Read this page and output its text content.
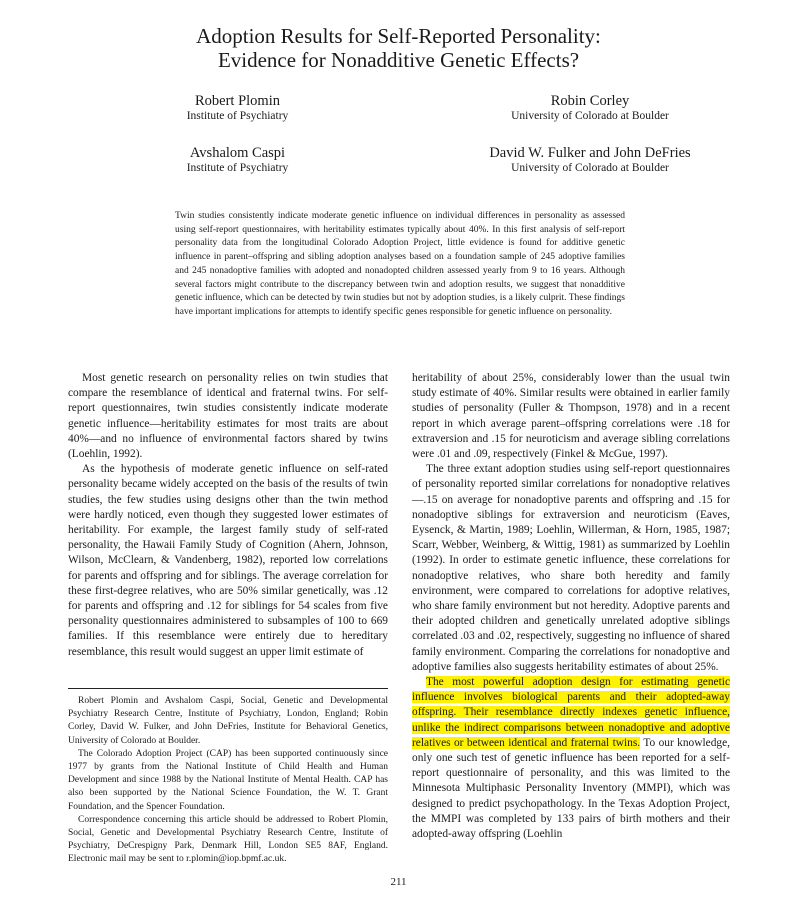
Adoption Results for Self-Reported Personality:
Evidence for Nonadditive Genetic Effects?
Robert Plomin
Institute of Psychiatry
Robin Corley
University of Colorado at Boulder
Avshalom Caspi
Institute of Psychiatry
David W. Fulker and John DeFries
University of Colorado at Boulder

Twin studies consistently indicate moderate genetic influence on individual differences in personality as assessed using self-report questionnaires, with heritability estimates typically about 40%. In this first analysis of self-report personality data from the longitudinal Colorado Adoption Project, little evidence is found for additive genetic influence in parent–offspring and sibling adoption analyses based on a foundation sample of 245 adoptive families and 245 nonadoptive families with adopted and nonadopted children assessed yearly from 9 to 16 years. Although several factors might contribute to the discrepancy between twin and adoption results, we suggest that nonadditive genetic influence, which can be detected by twin studies but not by adoption studies, is a likely culprit. These findings have important implications for attempts to identify specific genes responsible for genetic influence on personality.

Most genetic research on personality relies on twin studies that compare the resemblance of identical and fraternal twins. For self-report questionnaires, twin studies consistently indicate moderate genetic influence—heritability estimates for most traits are about 40%—and no influence of environmental factors shared by twins (Loehlin, 1992).

As the hypothesis of moderate genetic influence on self-rated personality became widely accepted on the basis of the results of twin studies, the few studies using designs other than the twin method were hardly noticed, even though they suggested lower estimates of heritability. For example, the largest family study of self-rated personality, the Hawaii Family Study of Cognition (Ahern, Johnson, Wilson, McClearn, & Vandenberg, 1982), reported low correlations for parents and offspring and for siblings. The average correlation for these first-degree relatives, who are 50% similar genetically, was .12 for parents and offspring and .12 for siblings for 54 scales from five personality questionnaires administered to subsamples of 100 to 669 families. If this resemblance were entirely due to hereditary resemblance, this result would suggest an upper limit estimate of

heritability of about 25%, considerably lower than the usual twin study estimate of 40%. Similar results were obtained in earlier family studies of personality (Fuller & Thompson, 1978) and in a recent report in which average parent–offspring correlations were .18 for extraversion and .15 for neuroticism and average sibling correlations were .01 and .09, respectively (Finkel & McGue, 1997).

The three extant adoption studies using self-report questionnaires of personality reported similar correlations for nonadoptive relatives—.15 on average for nonadoptive parents and offspring and .15 for nonadoptive siblings for extraversion and neuroticism (Eaves, Eysenck, & Martin, 1989; Loehlin, Willerman, & Horn, 1985, 1987; Scarr, Webber, Weinberg, & Wittig, 1981) as summarized by Loehlin (1992). In order to estimate genetic influence, these correlations for nonadoptive relatives, who share both heredity and family environment, were compared to correlations for adoptive relatives, who share family environment but not heredity. Adoptive parents and their adopted children and genetically unrelated adoptive siblings correlated .03 and .02, respectively, suggesting no influence of shared family environment. Comparing the correlations for nonadoptive and adoptive families also suggests heritability estimates of about 25%.

The most powerful adoption design for estimating genetic influence involves biological parents and their adopted-away offspring. Their resemblance directly indexes genetic influence, unlike the indirect comparisons between nonadoptive and adoptive relatives or between identical and fraternal twins. To our knowledge, only one such test of genetic influence has been reported for a self-report questionnaire of personality, and this was limited to the Minnesota Multiphasic Personality Inventory (MMPI), which was designed to predict psychopathology. In the Texas Adoption Project, the MMPI was completed by 133 pairs of birth mothers and their adopted-away offspring (Loehlin

Robert Plomin and Avshalom Caspi, Social, Genetic and Developmental Psychiatry Research Centre, Institute of Psychiatry, London, England; Robin Corley, David W. Fulker, and John DeFries, Institute for Behavioral Genetics, University of Colorado at Boulder.

The Colorado Adoption Project (CAP) has been supported continuously since 1977 by grants from the National Institute of Child Health and Human Development and since 1988 by the National Institute of Mental Health. CAP has also been supported by the National Science Foundation, the W. T. Grant Foundation, and the Spencer Foundation.

Correspondence concerning this article should be addressed to Robert Plomin, Social, Genetic and Developmental Psychiatry Research Centre, Institute of Psychiatry, DeCrespigny Park, Denmark Hill, London SE5 8AF, England. Electronic mail may be sent to r.plomin@iop.bpmf.ac.uk.

211
